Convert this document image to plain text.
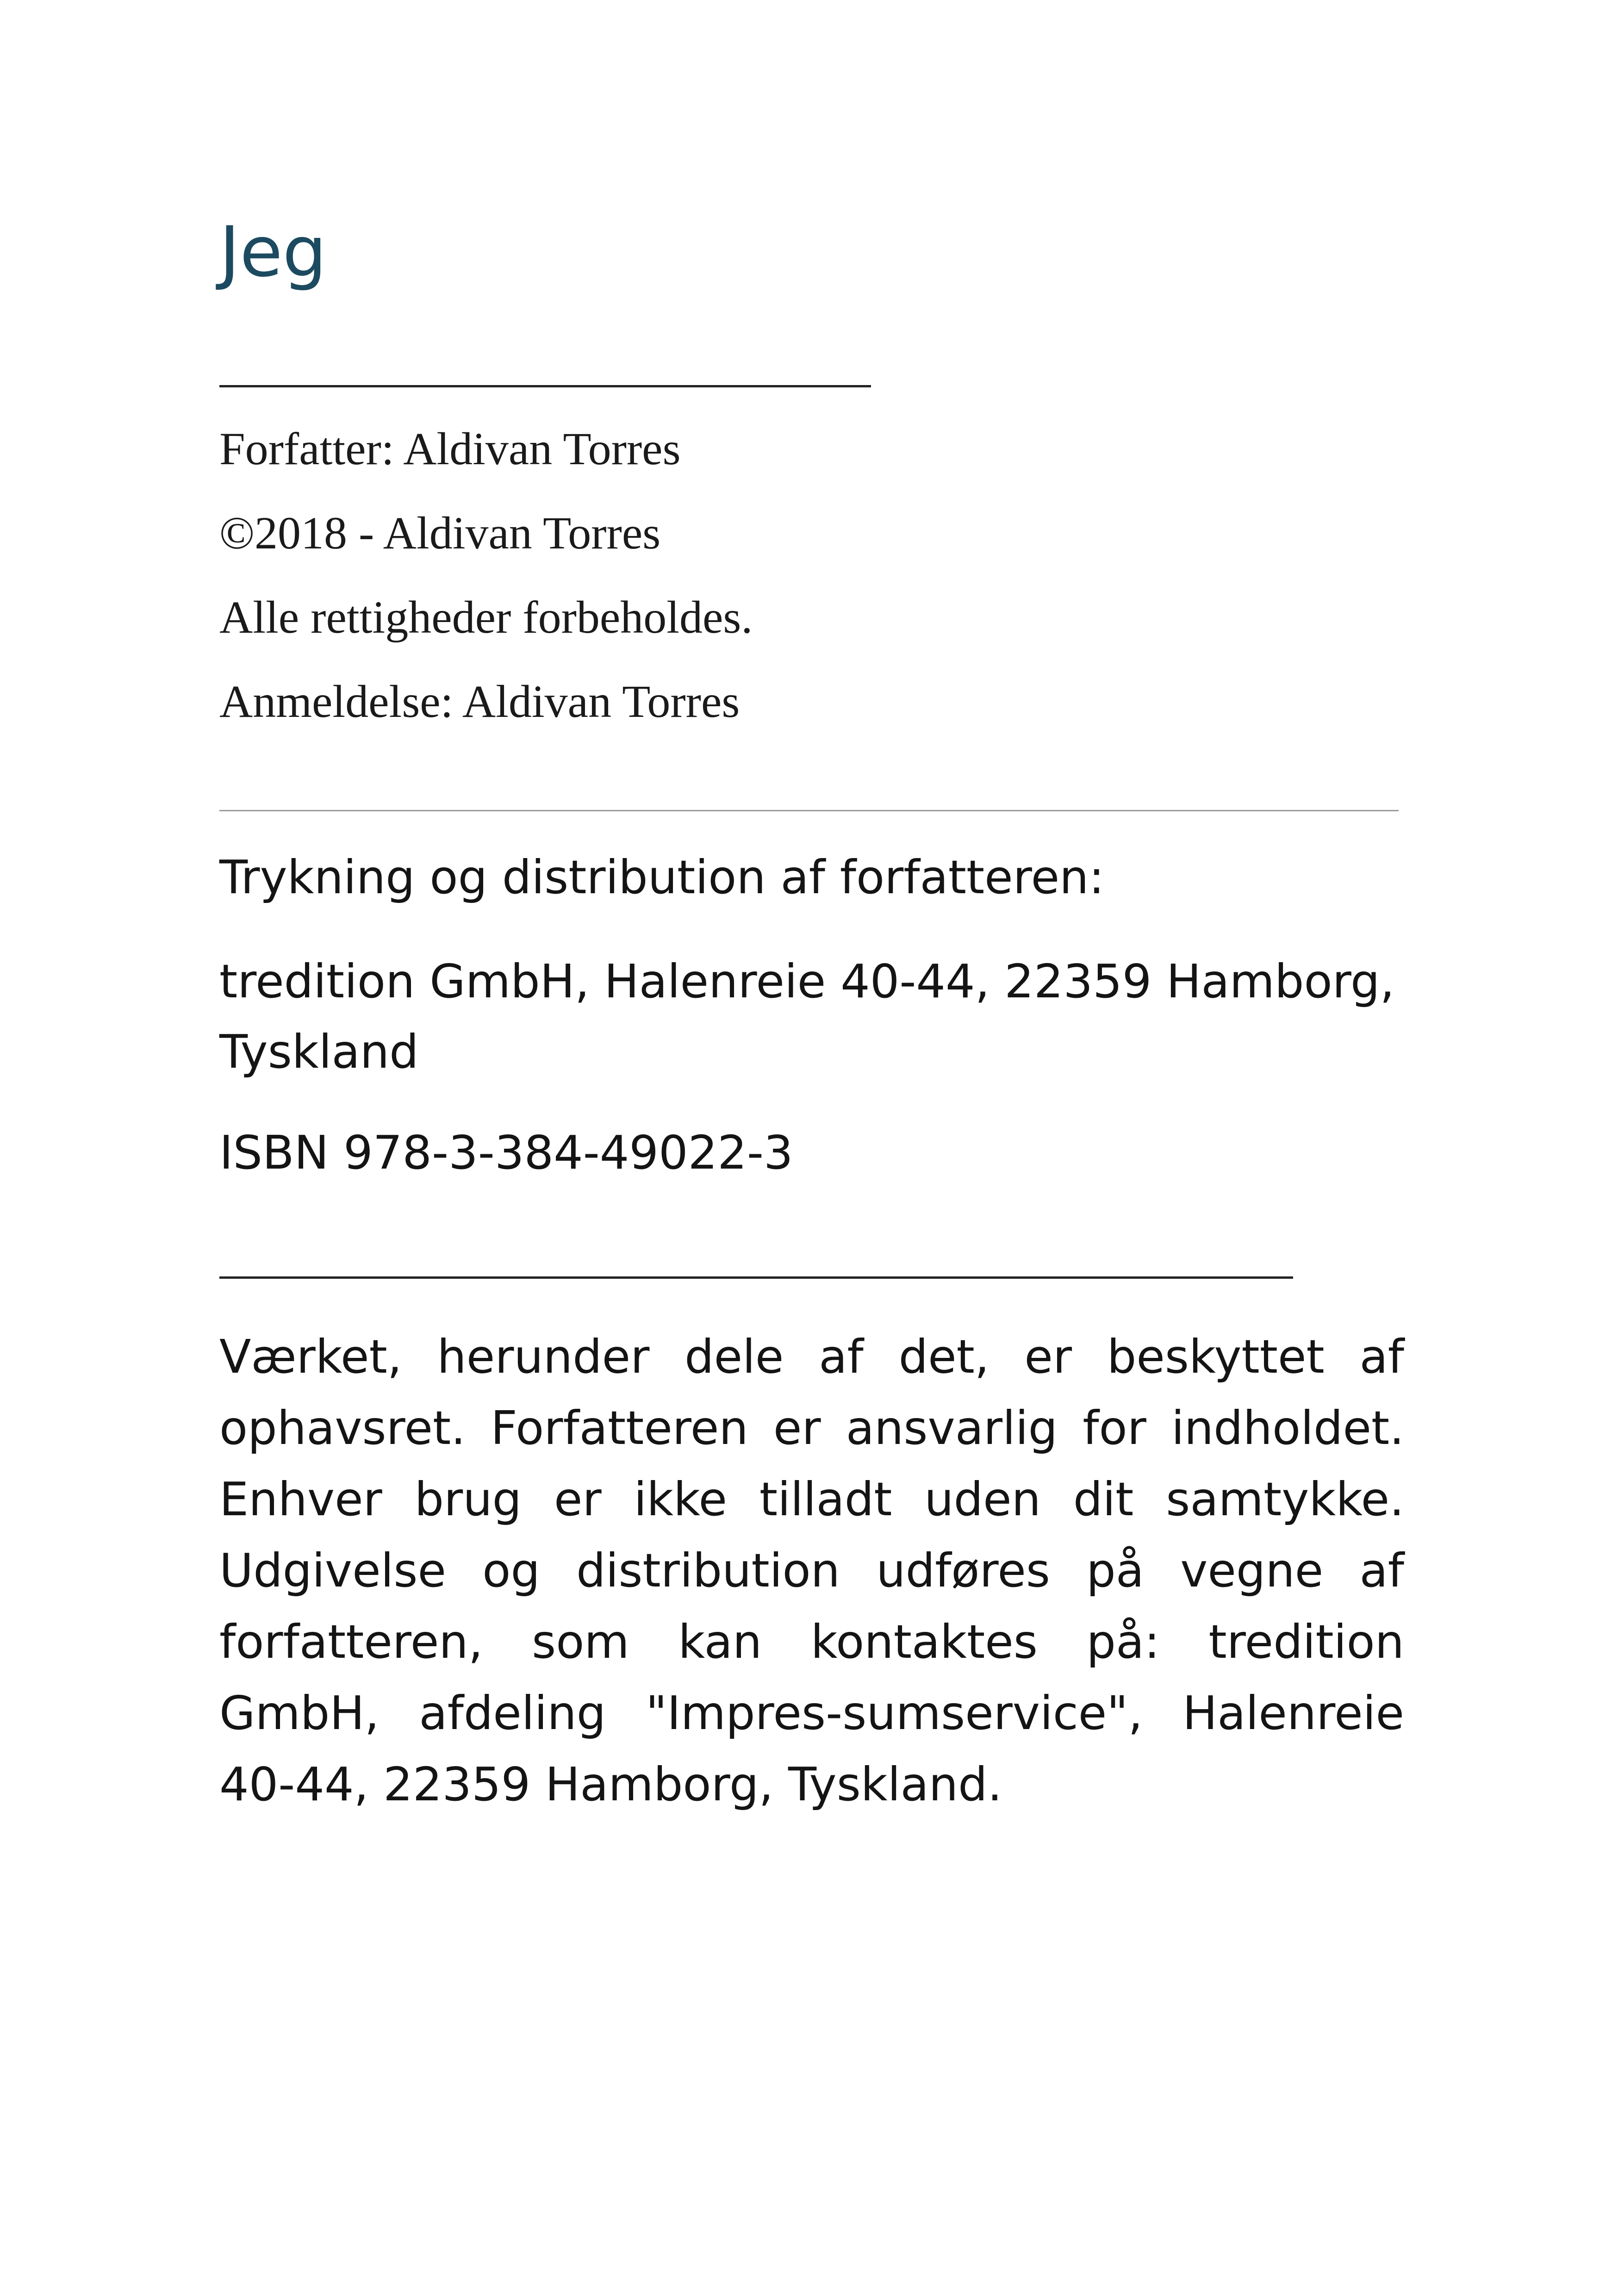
Jeg

Forfatter: Aldivan Torres

©2018 - Aldivan Torres

Alle rettigheder forbeholdes.

Anmeldelse: Aldivan Torres

Trykning og distribution af forfatteren:

tredition GmbH, Halenreie 40-44, 22359 Hamborg, Tyskland

ISBN 978-3-384-49022-3

Værket, herunder dele af det, er beskyttet af ophavsret. Forfatteren er ansvarlig for indholdet. Enhver brug er ikke tilladt uden dit samtykke. Udgivelse og distribution udføres på vegne af forfatteren, som kan kontaktes på: tredition GmbH, afdeling "Impres-sumservice", Halenreie 40-44, 22359 Hamborg, Tyskland.
